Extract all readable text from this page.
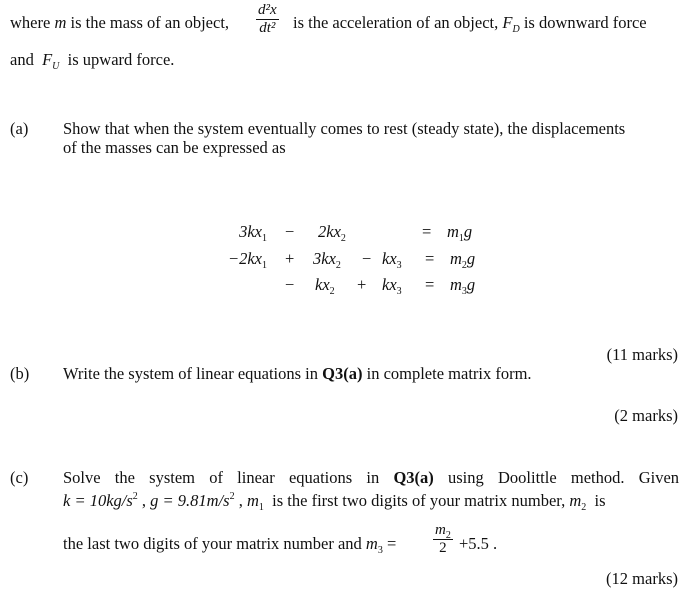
where m is the mass of an object, $\frac{\text{d²x}}{\text{dt²}}$ is the acceleration of an object, $F_D$ is downward force
and $F_U$ is upward force.
(a) Show that when the system eventually comes to rest (steady state), the displacements
of the masses can be expressed as
$3kx_1 - 2kx_2$	= $m_1g$
$-2kx_1 + 3kx_2 - kx_3 = m_2g$
− $kx_2 + kx_3 = m_3g$
(11 marks)
(b) Write the system of linear equations in Q3(a) in complete matrix form.
(2 marks)
(c) Solve the system of linear equations in Q3(a) using Doolittle method. Given
$k = 10kg/s^2$ , $g = 9.81m/s^2$ , $m_1$ is the first two digits of your matrix number, $m_2$ is
the last two digits of your matrix number and $m_3 = \frac{m_2}{2} +5.5$ .
(12 marks)
